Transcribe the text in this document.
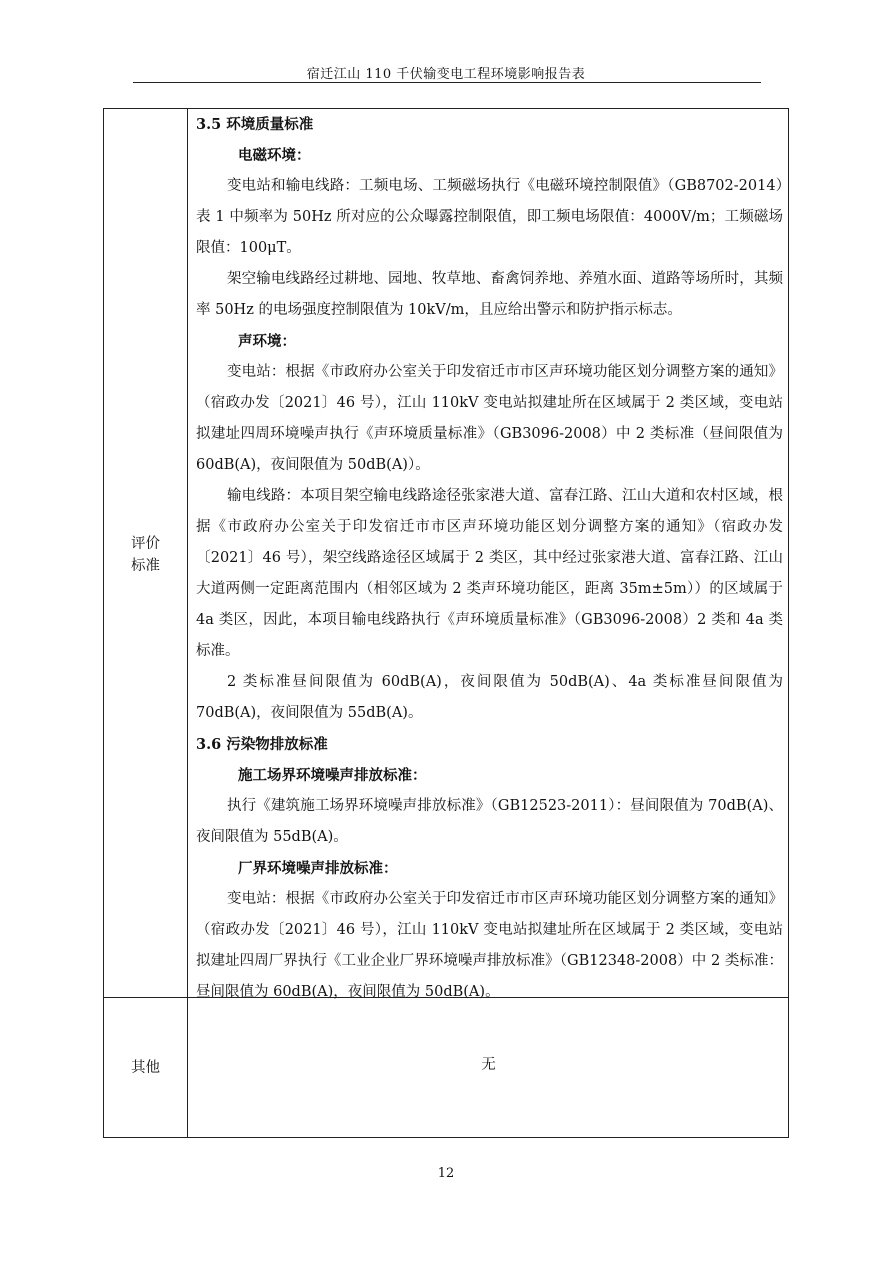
宿迁江山 110 千伏输变电工程环境影响报告表
评价
标准

3.5 环境质量标准

电磁环境：

变电站和输电线路：工频电场、工频磁场执行《电磁环境控制限值》（GB8702-2014）表 1 中频率为 50Hz 所对应的公众曝露控制限值，即工频电场限值：4000V/m；工频磁场限值：100μT。

架空输电线路经过耕地、园地、牧草地、畜禽饲养地、养殖水面、道路等场所时，其频率 50Hz 的电场强度控制限值为 10kV/m，且应给出警示和防护指示标志。

声环境：

变电站：根据《市政府办公室关于印发宿迁市市区声环境功能区划分调整方案的通知》（宿政办发〔2021〕46 号），江山 110kV 变电站拟建址所在区域属于 2 类区域，变电站拟建址四周环境噪声执行《声环境质量标准》（GB3096-2008）中 2 类标准（昼间限值为 60dB(A)，夜间限值为 50dB(A)）。

输电线路：本项目架空输电线路途径张家港大道、富春江路、江山大道和农村区域，根据《市政府办公室关于印发宿迁市市区声环境功能区划分调整方案的通知》（宿政办发〔2021〕46 号），架空线路途径区域属于 2 类区，其中经过张家港大道、富春江路、江山大道两侧一定距离范围内（相邻区域为 2 类声环境功能区，距离 35m±5m））的区域属于 4a 类区，因此，本项目输电线路执行《声环境质量标准》（GB3096-2008）2 类和 4a 类标准。

2 类标准昼间限值为 60dB(A)，夜间限值为 50dB(A)、4a 类标准昼间限值为 70dB(A)，夜间限值为 55dB(A)。

3.6 污染物排放标准

施工场界环境噪声排放标准：

执行《建筑施工场界环境噪声排放标准》（GB12523-2011）：昼间限值为 70dB(A)、夜间限值为 55dB(A)。

厂界环境噪声排放标准：

变电站：根据《市政府办公室关于印发宿迁市市区声环境功能区划分调整方案的通知》（宿政办发〔2021〕46 号），江山 110kV 变电站拟建址所在区域属于 2 类区域，变电站拟建址四周厂界执行《工业企业厂界环境噪声排放标准》（GB12348-2008）中 2 类标准：昼间限值为 60dB(A)，夜间限值为 50dB(A)。

其他	无
12
